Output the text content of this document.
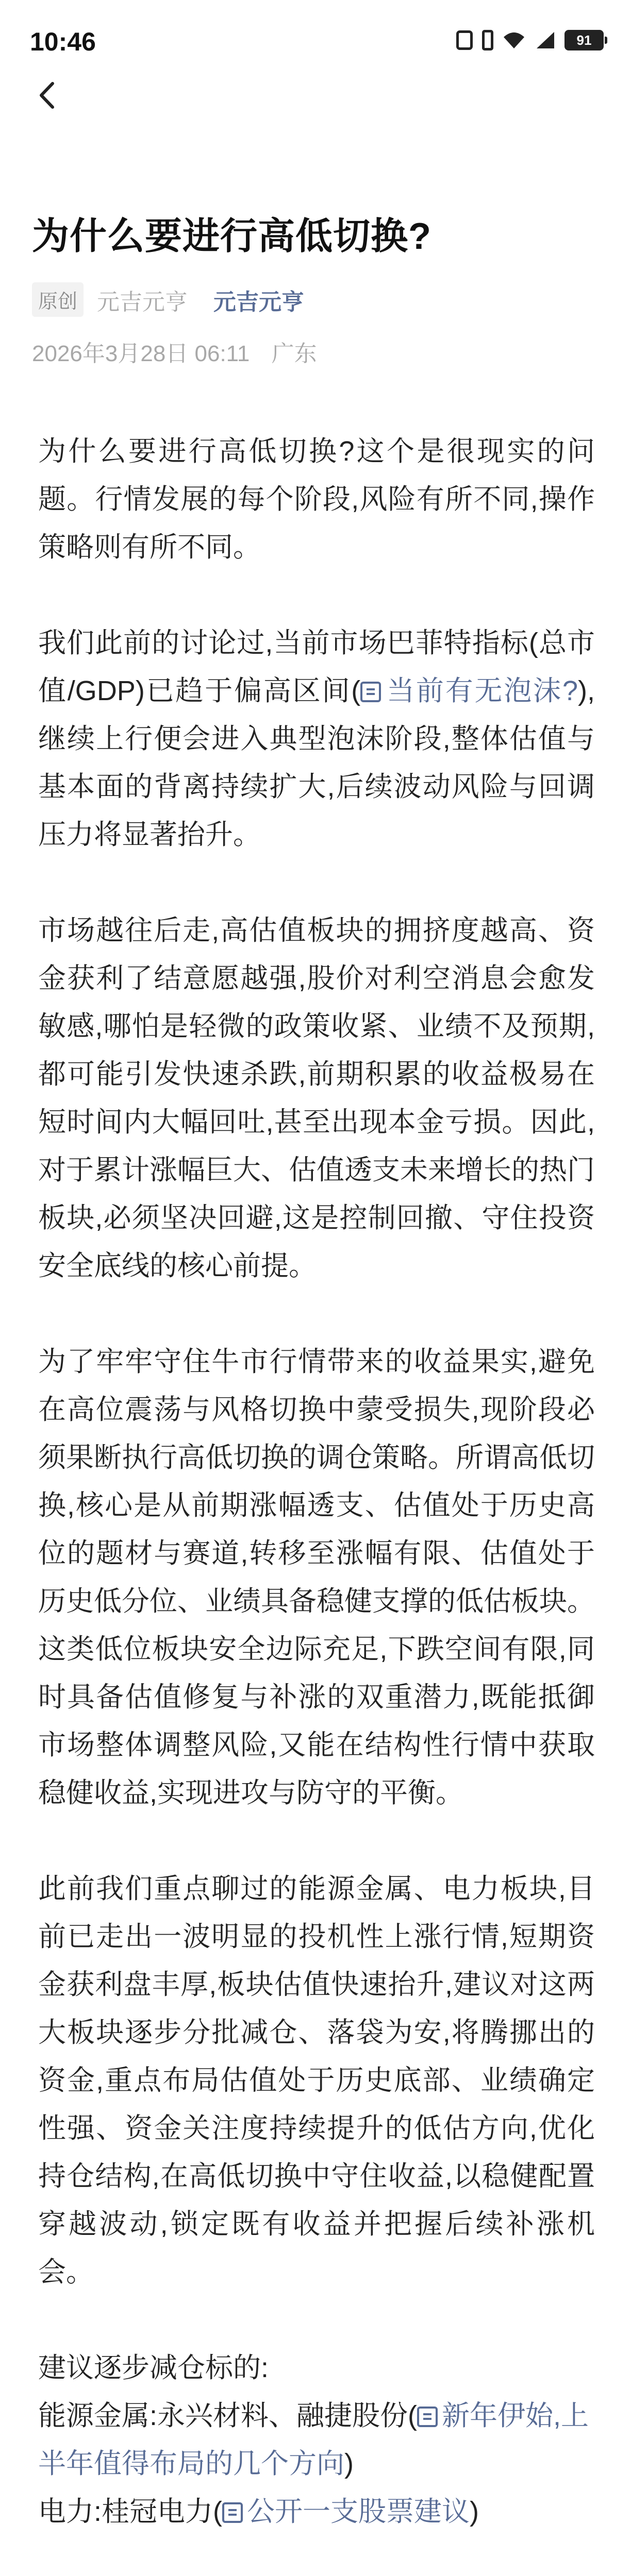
10:46	91
为什么要进行高低切换?
原创 元吉元亨 元吉元亨
2026年3月28日 06:11 广东

为什么要进行高低切换?这个是很现实的问题。行情发展的每个阶段,风险有所不同,操作策略则有所不同。

我们此前的讨论过,当前市场巴菲特指标(总市值/GDP)已趋于偏高区间( 当前有无泡沫?),继续上行便会进入典型泡沫阶段,整体估值与基本面的背离持续扩大,后续波动风险与回调压力将显著抬升。

市场越往后走,高估值板块的拥挤度越高、资金获利了结意愿越强,股价对利空消息会愈发敏感,哪怕是轻微的政策收紧、业绩不及预期,都可能引发快速杀跌,前期积累的收益极易在短时间内大幅回吐,甚至出现本金亏损。因此,对于累计涨幅巨大、估值透支未来增长的热门板块,必须坚决回避,这是控制回撤、守住投资安全底线的核心前提。

为了牢牢守住牛市行情带来的收益果实,避免在高位震荡与风格切换中蒙受损失,现阶段必须果断执行高低切换的调仓策略。所谓高低切换,核心是从前期涨幅透支、估值处于历史高位的题材与赛道,转移至涨幅有限、估值处于历史低分位、业绩具备稳健支撑的低估板块。这类低位板块安全边际充足,下跌空间有限,同时具备估值修复与补涨的双重潜力,既能抵御市场整体调整风险,又能在结构性行情中获取稳健收益,实现进攻与防守的平衡。

此前我们重点聊过的能源金属、电力板块,目前已走出一波明显的投机性上涨行情,短期资金获利盘丰厚,板块估值快速抬升,建议对这两大板块逐步分批减仓、落袋为安,将腾挪出的资金,重点布局估值处于历史底部、业绩确定性强、资金关注度持续提升的低估方向,优化持仓结构,在高低切换中守住收益,以稳健配置穿越波动,锁定既有收益并把握后续补涨机会。

建议逐步减仓标的:
能源金属:永兴材料、融捷股份( 新年伊始,上半年值得布局的几个方向)
电力:桂冠电力( 公开一支股票建议)
